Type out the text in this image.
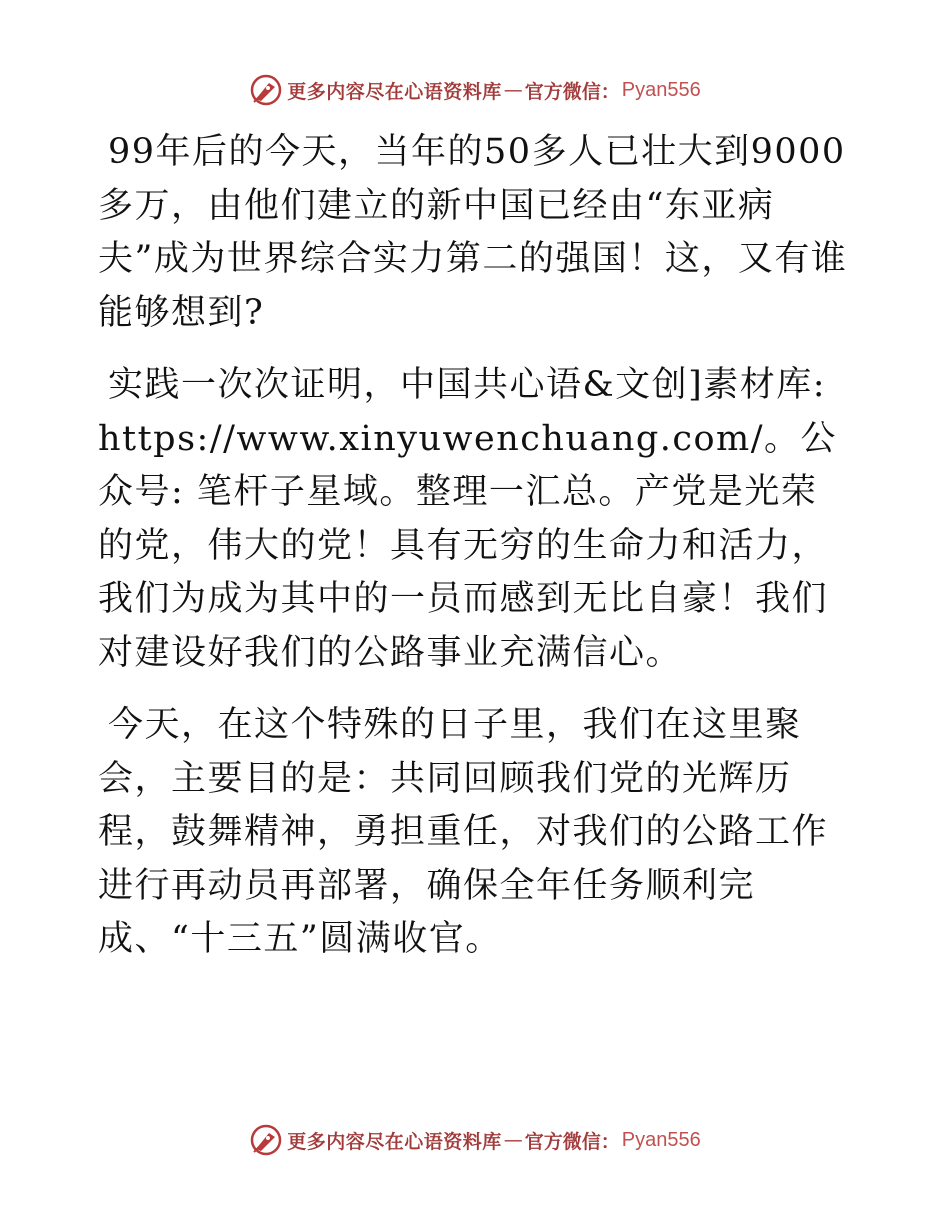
更多内容尽在心语资料库 — 官方微信： Pyan556

99年后的今天，当年的50多人已壮大到9000多万，由他们建立的新中国已经由“东亚病夫”成为世界综合实力第二的强国！这，又有谁能够想到?

实践一次次证明，中国共心语&文创]素材库: https://www.xinyuwenchuang.com/。公众号: 笔杆子星域。整理一汇总。产党是光荣的党，伟大的党！具有无穷的生命力和活力，我们为成为其中的一员而感到无比自豪！我们对建设好我们的公路事业充满信心。

今天，在这个特殊的日子里，我们在这里聚会，主要目的是：共同回顾我们党的光辉历程，鼓舞精神，勇担重任，对我们的公路工作进行再动员再部署，确保全年任务顺利完成、“十三五”圆满收官。

更多内容尽在心语资料库 — 官方微信： Pyan556
